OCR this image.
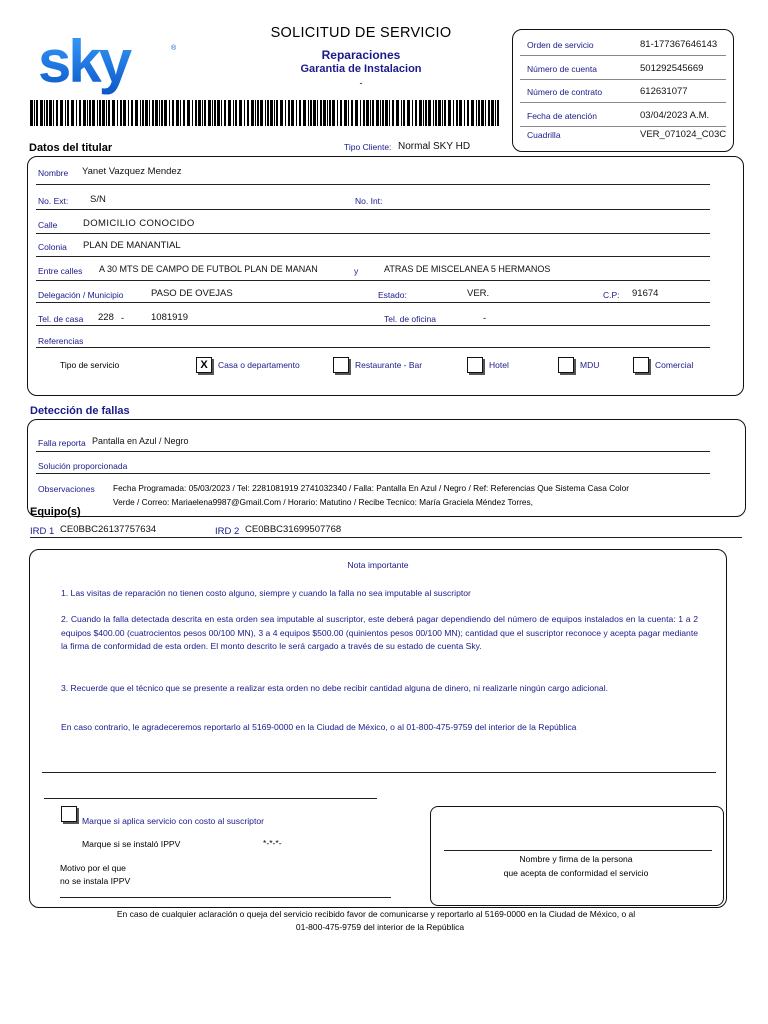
sky	®
SOLICITUD DE SERVICIO
Reparaciones
Garantia de Instalacion
-
Orden de servicio	81-177367646143
Número de cuenta	501292545669
Número de contrato	612631077
Fecha de atención	03/04/2023 A.M.
Cuadrilla	VER_071024_C03C
Datos del titular	Tipo Cliente: Normal SKY HD
Nombre Yanet Vazquez Mendez
No. Ext: S/N	No. Int:
Calle	DOMICILIO CONOCIDO
Colonia PLAN DE MANANTIAL
Entre calles A 30 MTS DE CAMPO DE FUTBOL PLAN DE MANAN	y	ATRAS DE MISCELANEA 5 HERMANOS
Delegación / Municipio	PASO DE OVEJAS	Estado:	VER.	C.P: 91674
Tel. de casa 228 -	1081919	Tel. de oficina	-
Referencias
Tipo de servicio	X	Casa o departamento	Restaurante - Bar	Hotel	MDU	Comercial
Detección de fallas
Falla reporta Pantalla en Azul / Negro
Solución proporcionada
Observaciones Fecha Programada: 05/03/2023 / Tel: 2281081919 2741032340 / Falla: Pantalla En Azul / Negro / Ref: Referencias Que Sistema Casa Color
Verde / Correo: Mariaelena9987@Gmail.Com / Horario: Matutino / Recibe Tecnico: María Graciela Méndez Torres,
Equipo(s)
IRD 1 CE0BBC26137757634	IRD 2 CE0BBC31699507768
Nota importante
1. Las visitas de reparación no tienen costo alguno, siempre y cuando la falla no sea imputable al suscriptor
2. Cuando la falla detectada descrita en esta orden sea imputable al suscriptor, este deberá pagar dependiendo del número de equipos instalados en la cuenta: 1 a 2 equipos $400.00 (cuatrocientos pesos 00/100 MN), 3 a 4 equipos $500.00 (quinientos pesos 00/100 MN); cantidad que el suscriptor reconoce y acepta pagar mediante la firma de conformidad de esta orden. El monto descrito le será cargado a través de su estado de cuenta Sky.
3. Recuerde que el técnico que se presente a realizar esta orden no debe recibir cantidad alguna de dinero, ni realizarle ningún cargo adicional.
En caso contrario, le agradeceremos reportarlo al 5169-0000 en la Ciudad de México, o al 01-800-475-9759 del interior de la República
Marque si aplica servicio con costo al suscriptor
Marque si se instaló IPPV	*-*-*-
Motivo por el que
no se instala IPPV
Nombre y firma de la persona
que acepta de conformidad el servicio
En caso de cualquier aclaración o queja del servicio recibido favor de comunicarse y reportarlo al 5169-0000 en la Ciudad de México, o al
01-800-475-9759 del interior de la República
